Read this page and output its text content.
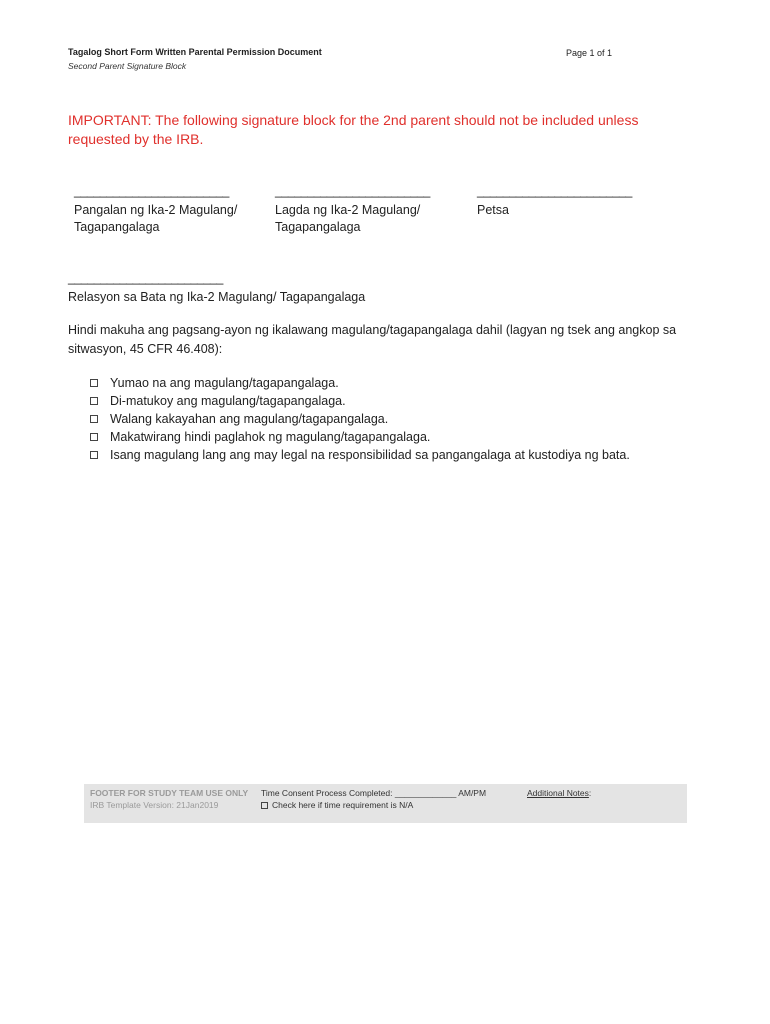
Tagalog Short Form Written Parental Permission Document
Second Parent Signature Block
Page 1 of 1
IMPORTANT: The following signature block for the 2nd parent should not be included unless requested by the IRB.
________________________
Pangalan ng Ika-2 Magulang/
Tagapangalaga
________________________
Lagda ng Ika-2 Magulang/
Tagapangalaga
________________________
Petsa
________________________
Relasyon sa Bata ng Ika-2 Magulang/ Tagapangalaga
Hindi makuha ang pagsang-ayon ng ikalawang magulang/tagapangalaga dahil (lagyan ng tsek ang angkop sa sitwasyon, 45 CFR 46.408):
Yumao na ang magulang/tagapangalaga.
Di-matukoy ang magulang/tagapangalaga.
Walang kakayahan ang magulang/tagapangalaga.
Makatwirang hindi paglahok ng magulang/tagapangalaga.
Isang magulang lang ang may legal na responsibilidad sa pangangalaga at kustodiya ng bata.
FOOTER FOR STUDY TEAM USE ONLY
IRB Template Version: 21Jan2019
Time Consent Process Completed: _____________ AM/PM
Check here if time requirement is N/A
Additional Notes:
